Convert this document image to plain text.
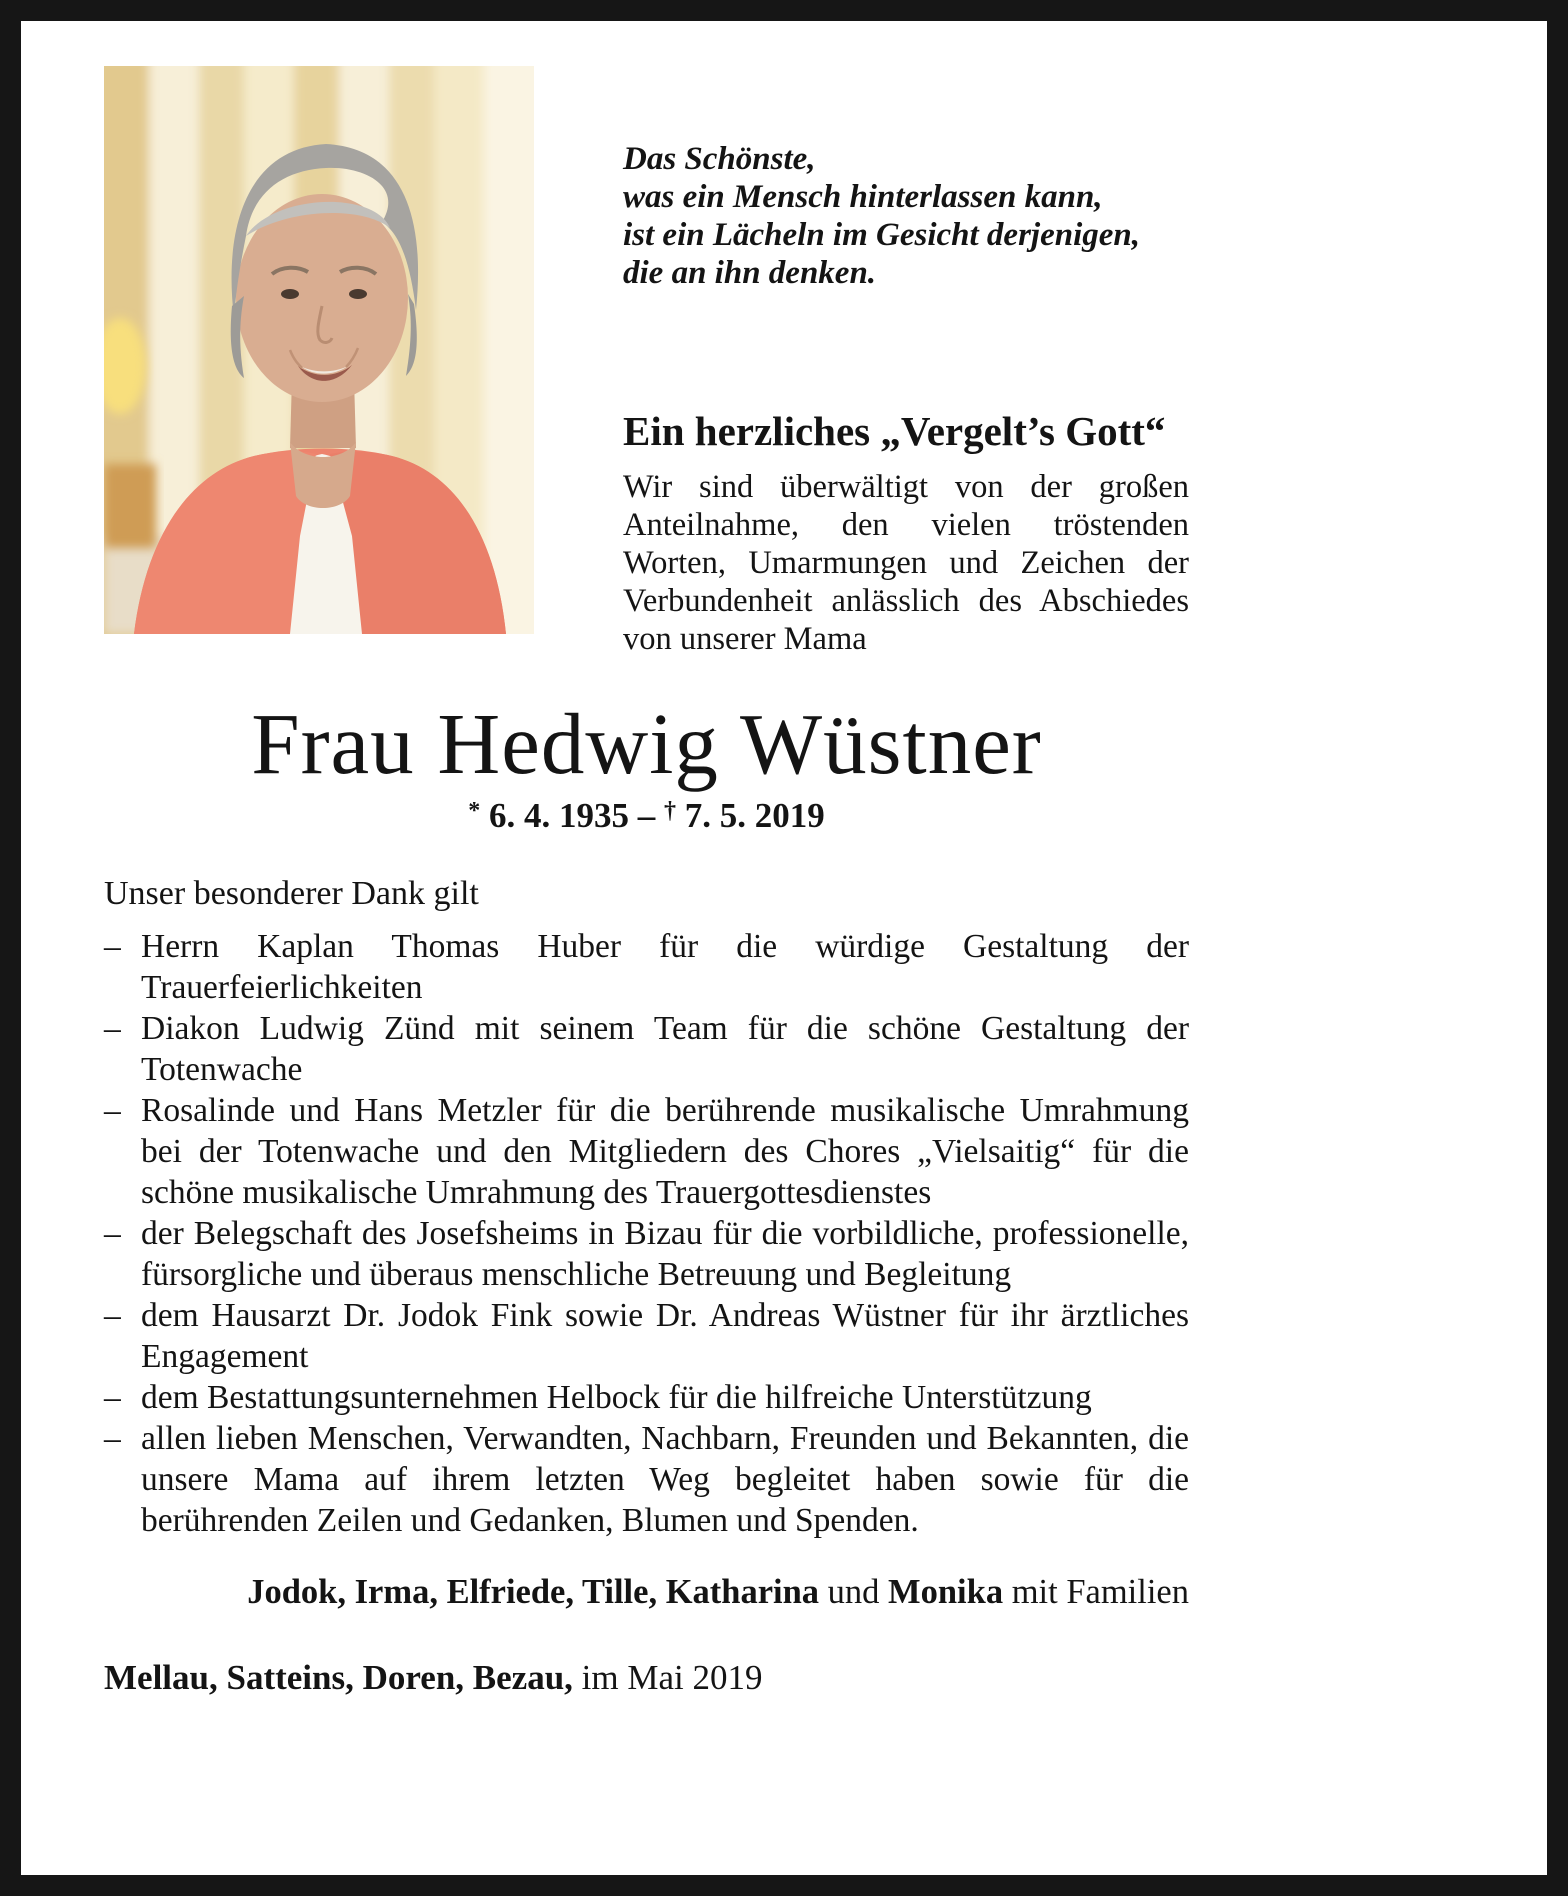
Das Schönste,
was ein Mensch hinterlassen kann,
ist ein Lächeln im Gesicht derjenigen,
die an ihn denken.
Ein herzliches „Vergelt’s Gott“
Wir sind überwältigt von der großen Anteilnahme, den vielen tröstenden Worten, Umarmungen und Zeichen der Verbundenheit anlässlich des Abschiedes von unserer Mama
Frau Hedwig Wüstner
* 6. 4. 1935 – † 7. 5. 2019
Unser besonderer Dank gilt
– Herrn Kaplan Thomas Huber für die würdige Gestaltung der Trauerfeierlichkeiten
– Diakon Ludwig Zünd mit seinem Team für die schöne Gestaltung der Totenwache
– Rosalinde und Hans Metzler für die berührende musikalische Umrahmung bei der Totenwache und den Mitgliedern des Chores „Vielsaitig“ für die schöne musikalische Umrahmung des Trauergottesdienstes
– der Belegschaft des Josefsheims in Bizau für die vorbildliche, professionelle, fürsorgliche und überaus menschliche Betreuung und Begleitung
– dem Hausarzt Dr. Jodok Fink sowie Dr. Andreas Wüstner für ihr ärztliches Engagement
– dem Bestattungsunternehmen Helbock für die hilfreiche Unterstützung
– allen lieben Menschen, Verwandten, Nachbarn, Freunden und Bekannten, die unsere Mama auf ihrem letzten Weg begleitet haben sowie für die berührenden Zeilen und Gedanken, Blumen und Spenden.
Jodok, Irma, Elfriede, Tille, Katharina und Monika mit Familien
Mellau, Satteins, Doren, Bezau, im Mai 2019
